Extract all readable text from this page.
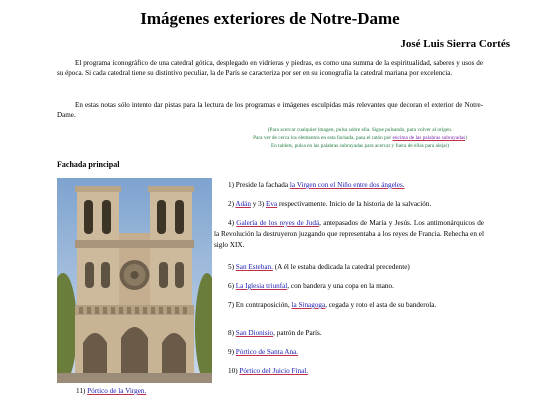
Imágenes exteriores de Notre-Dame
José Luis Sierra Cortés

El programa iconográfico de una catedral gótica, desplegado en vidrieras y piedras, es como una summa de la espiritualidad, saberes y usos de su época. Si cada catedral tiene su distintivo peculiar, la de París se caracteriza por ser en su iconografía la catedral mariana por excelencia.

En estas notas sólo intento dar pistas para la lectura de los programas e imágenes esculpidas más relevantes que decoran el exterior de Notre-Dame.

(Para acercar cualquier imagen, pulsa sobre ella. Sigue pulsando, para volver al origen.
Para ver de cerca los elementos en esta fachada, pasa el ratón por encima de las palabras subrayadas)
En tablets, pulsa en las palabras subrayadas para acercar y fuera de ellas para alejar)
Fachada principal
1) Preside la fachada la Virgen con el Niño entre dos ángeles.
2) Adán y 3) Eva respectivamente. Inicio de la historia de la salvación.

4) Galería de los reyes de Judá, antepasados de María y Jesús. Los antimonárquicos de la Revolución la destruyeron juzgando que representaba a los reyes de Francia. Rehecha en el siglo XIX.

5) San Esteban. (A él le estaba dedicada la catedral precedente)
6) La Iglesia triunfal, con bandera y una copa en la mano.

7) En contraposición, la Sinagoga, cegada y roto el asta de su banderola.

8) San Dionisio, patrón de París.
9) Pórtico de Santa Ana.
10) Pórtico del Juicio Final.
11) Pórtico de la Virgen.
